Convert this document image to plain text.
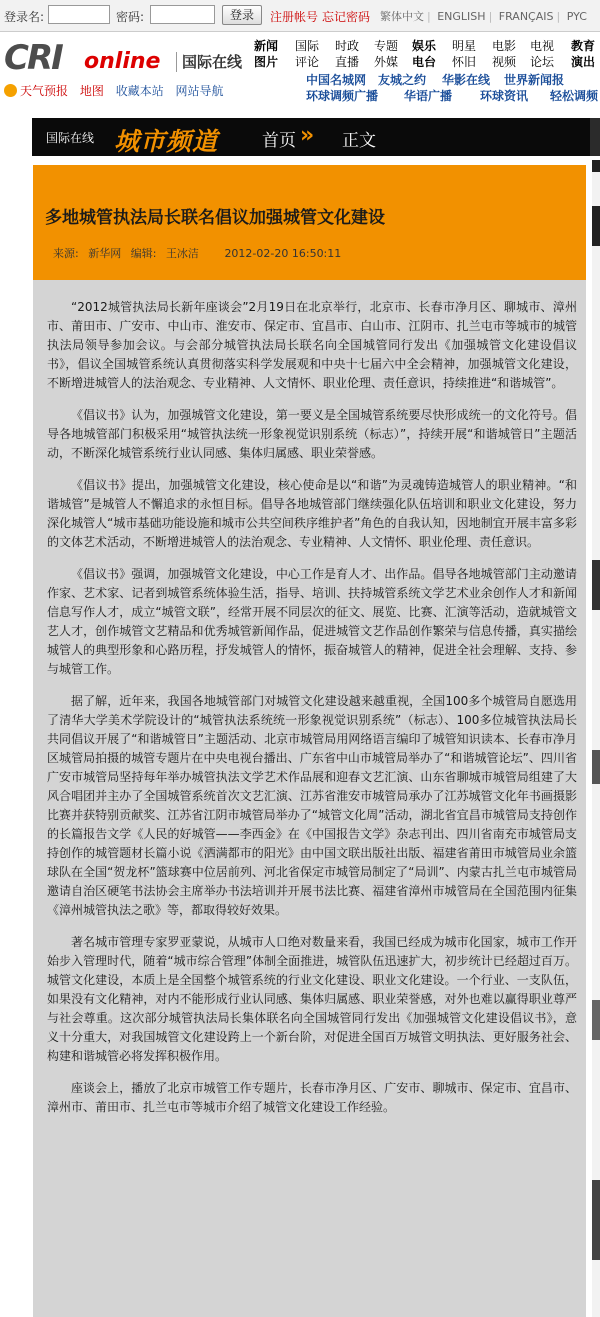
登录名:	密码:	登录	注册帐号 忘记密码 繁体中文 | ENGLISH | FRANÇAIS | PYC
CRI online	国际在线
天气预报 地图 收藏本站 网站导航
新闻 国际 时政 专题 娱乐 明星 电影 电视 教育
图片 评论 直播 外媒 电台 怀旧 视频 论坛 演出
中国名城网 友城之约 华影在线 世界新闻报
环球调频广播 华语广播 环球资讯 轻松调频
国际在线 城市频道	首页 » 正文
多地城管执法局长联名倡议加强城管文化建设
来源: 新华网 编辑: 王冰洁 2012-02-20 16:50:11

“2012城管执法局长新年座谈会”2月19日在北京举行，北京市、长春市净月区、聊城市、漳州市、莆田市、广安市、中山市、淮安市、保定市、宜昌市、白山市、江阴市、扎兰屯市等城市的城管执法局领导参加会议。与会部分城管执法局长联名向全国城管同行发出《加强城管文化建设倡议书》，倡议全国城管系统认真贯彻落实科学发展观和中央十七届六中全会精神，加强城管文化建设，不断增进城管人的法治观念、专业精神、人文情怀、职业伦理、责任意识，持续推进“和谐城管”。

《倡议书》认为，加强城管文化建设，第一要义是全国城管系统要尽快形成统一的文化符号。倡导各地城管部门积极采用“城管执法统一形象视觉识别系统（标志）”，持续开展“和谐城管日”主题活动，不断深化城管系统行业认同感、集体归属感、职业荣誉感。

《倡议书》提出，加强城管文化建设，核心使命是以“和谐”为灵魂铸造城管人的职业精神。“和谐城管”是城管人不懈追求的永恒目标。倡导各地城管部门继续强化队伍培训和职业文化建设，努力深化城管人“城市基础功能设施和城市公共空间秩序维护者”角色的自我认知，因地制宜开展丰富多彩的文体艺术活动，不断增进城管人的法治观念、专业精神、人文情怀、职业伦理、责任意识。

《倡议书》强调，加强城管文化建设，中心工作是育人才、出作品。倡导各地城管部门主动邀请作家、艺术家、记者到城管系统体验生活，指导、培训、扶持城管系统文学艺术业余创作人才和新闻信息写作人才，成立“城管文联”，经常开展不同层次的征文、展览、比赛、汇演等活动，造就城管文艺人才，创作城管文艺精品和优秀城管新闻作品，促进城管文艺作品创作繁荣与信息传播，真实描绘城管人的典型形象和心路历程，抒发城管人的情怀，振奋城管人的精神，促进全社会理解、支持、参与城管工作。

据了解，近年来，我国各地城管部门对城管文化建设越来越重视，全国100多个城管局自愿选用了清华大学美术学院设计的“城管执法系统统一形象视觉识别系统”（标志）、100多位城管执法局长共同倡议开展了“和谐城管日”主题活动、北京市城管局用网络语言编印了城管知识读本、长春市净月区城管局拍摄的城管专题片在中央电视台播出、广东省中山市城管局举办了“和谐城管论坛”、四川省广安市城管局坚持每年举办城管执法文学艺术作品展和迎春文艺汇演、山东省聊城市城管局组建了大风合唱团并主办了全国城管系统首次文艺汇演、江苏省淮安市城管局承办了江苏城管文化年书画摄影比赛并获特别贡献奖、江苏省江阴市城管局举办了“城管文化周”活动，湖北省宜昌市城管局支持创作的长篇报告文学《人民的好城管——李西金》在《中国报告文学》杂志刊出、四川省南充市城管局支持创作的城管题材长篇小说《洒满都市的阳光》由中国文联出版社出版、福建省莆田市城管局业余篮球队在全国“贺龙杯”篮球赛中位居前列、河北省保定市城管局制定了“局训”、内蒙古扎兰屯市城管局邀请自治区硬笔书法协会主席举办书法培训并开展书法比赛、福建省漳州市城管局在全国范围内征集《漳州城管执法之歌》等，都取得较好效果。

著名城市管理专家罗亚蒙说，从城市人口绝对数量来看，我国已经成为城市化国家，城市工作开始步入管理时代，随着“城市综合管理”体制全面推进，城管队伍迅速扩大，初步统计已经超过百万。城管文化建设，本质上是全国整个城管系统的行业文化建设、职业文化建设。一个行业、一支队伍，如果没有文化精神，对内不能形成行业认同感、集体归属感、职业荣誉感，对外也难以赢得职业尊严与社会尊重。这次部分城管执法局长集体联名向全国城管同行发出《加强城管文化建设倡议书》，意义十分重大，对我国城管文化建设跨上一个新台阶，对促进全国百万城管文明执法、更好服务社会、构建和谐城管必将发挥积极作用。

座谈会上，播放了北京市城管工作专题片，长春市净月区、广安市、聊城市、保定市、宜昌市、漳州市、莆田市、扎兰屯市等城市介绍了城管文化建设工作经验。
